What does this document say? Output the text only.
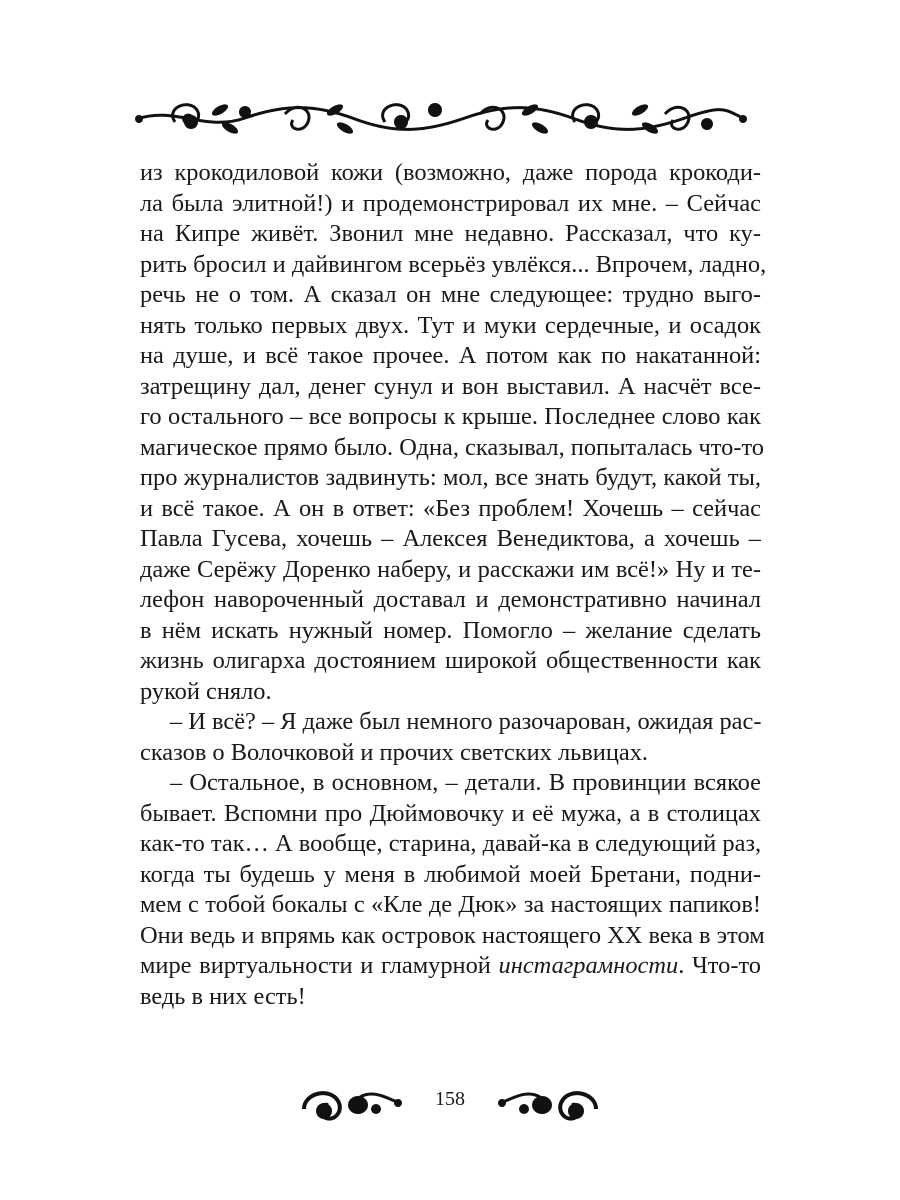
из крокодиловой кожи (возможно, даже порода крокоди-
ла была элитной!) и продемонстрировал их мне. – Сейчас
на Кипре живёт. Звонил мне недавно. Рассказал, что ку-
рить бросил и дайвингом всерьёз увлёкся... Впрочем, ладно,
речь не о том. А сказал он мне следующее: трудно выго-
нять только первых двух. Тут и муки сердечные, и осадок
на душе, и всё такое прочее. А потом как по накатанной:
затрещину дал, денег сунул и вон выставил. А насчёт все-
го остального – все вопросы к крыше. Последнее слово как
магическое прямо было. Одна, сказывал, попыталась что-то
про журналистов задвинуть: мол, все знать будут, какой ты,
и всё такое. А он в ответ: «Без проблем! Хочешь – сейчас
Павла Гусева, хочешь – Алексея Венедиктова, а хочешь –
даже Серёжу Доренко наберу, и расскажи им всё!» Ну и те-
лефон навороченный доставал и демонстративно начинал
в нём искать нужный номер. Помогло – желание сделать
жизнь олигарха достоянием широкой общественности как
рукой сняло.
– И всё? – Я даже был немного разочарован, ожидая рас-
сказов о Волочковой и прочих светских львицах.
– Остальное, в основном, – детали. В провинции всякое
бывает. Вспомни про Дюймовочку и её мужа, а в столицах
как-то так… А вообще, старина, давай-ка в следующий раз,
когда ты будешь у меня в любимой моей Бретани, подни-
мем с тобой бокалы с «Кле де Дюк» за настоящих папиков!
Они ведь и впрямь как островок настоящего XX века в этом
мире виртуальности и гламурной инстаграмности. Что-то
ведь в них есть!
158
